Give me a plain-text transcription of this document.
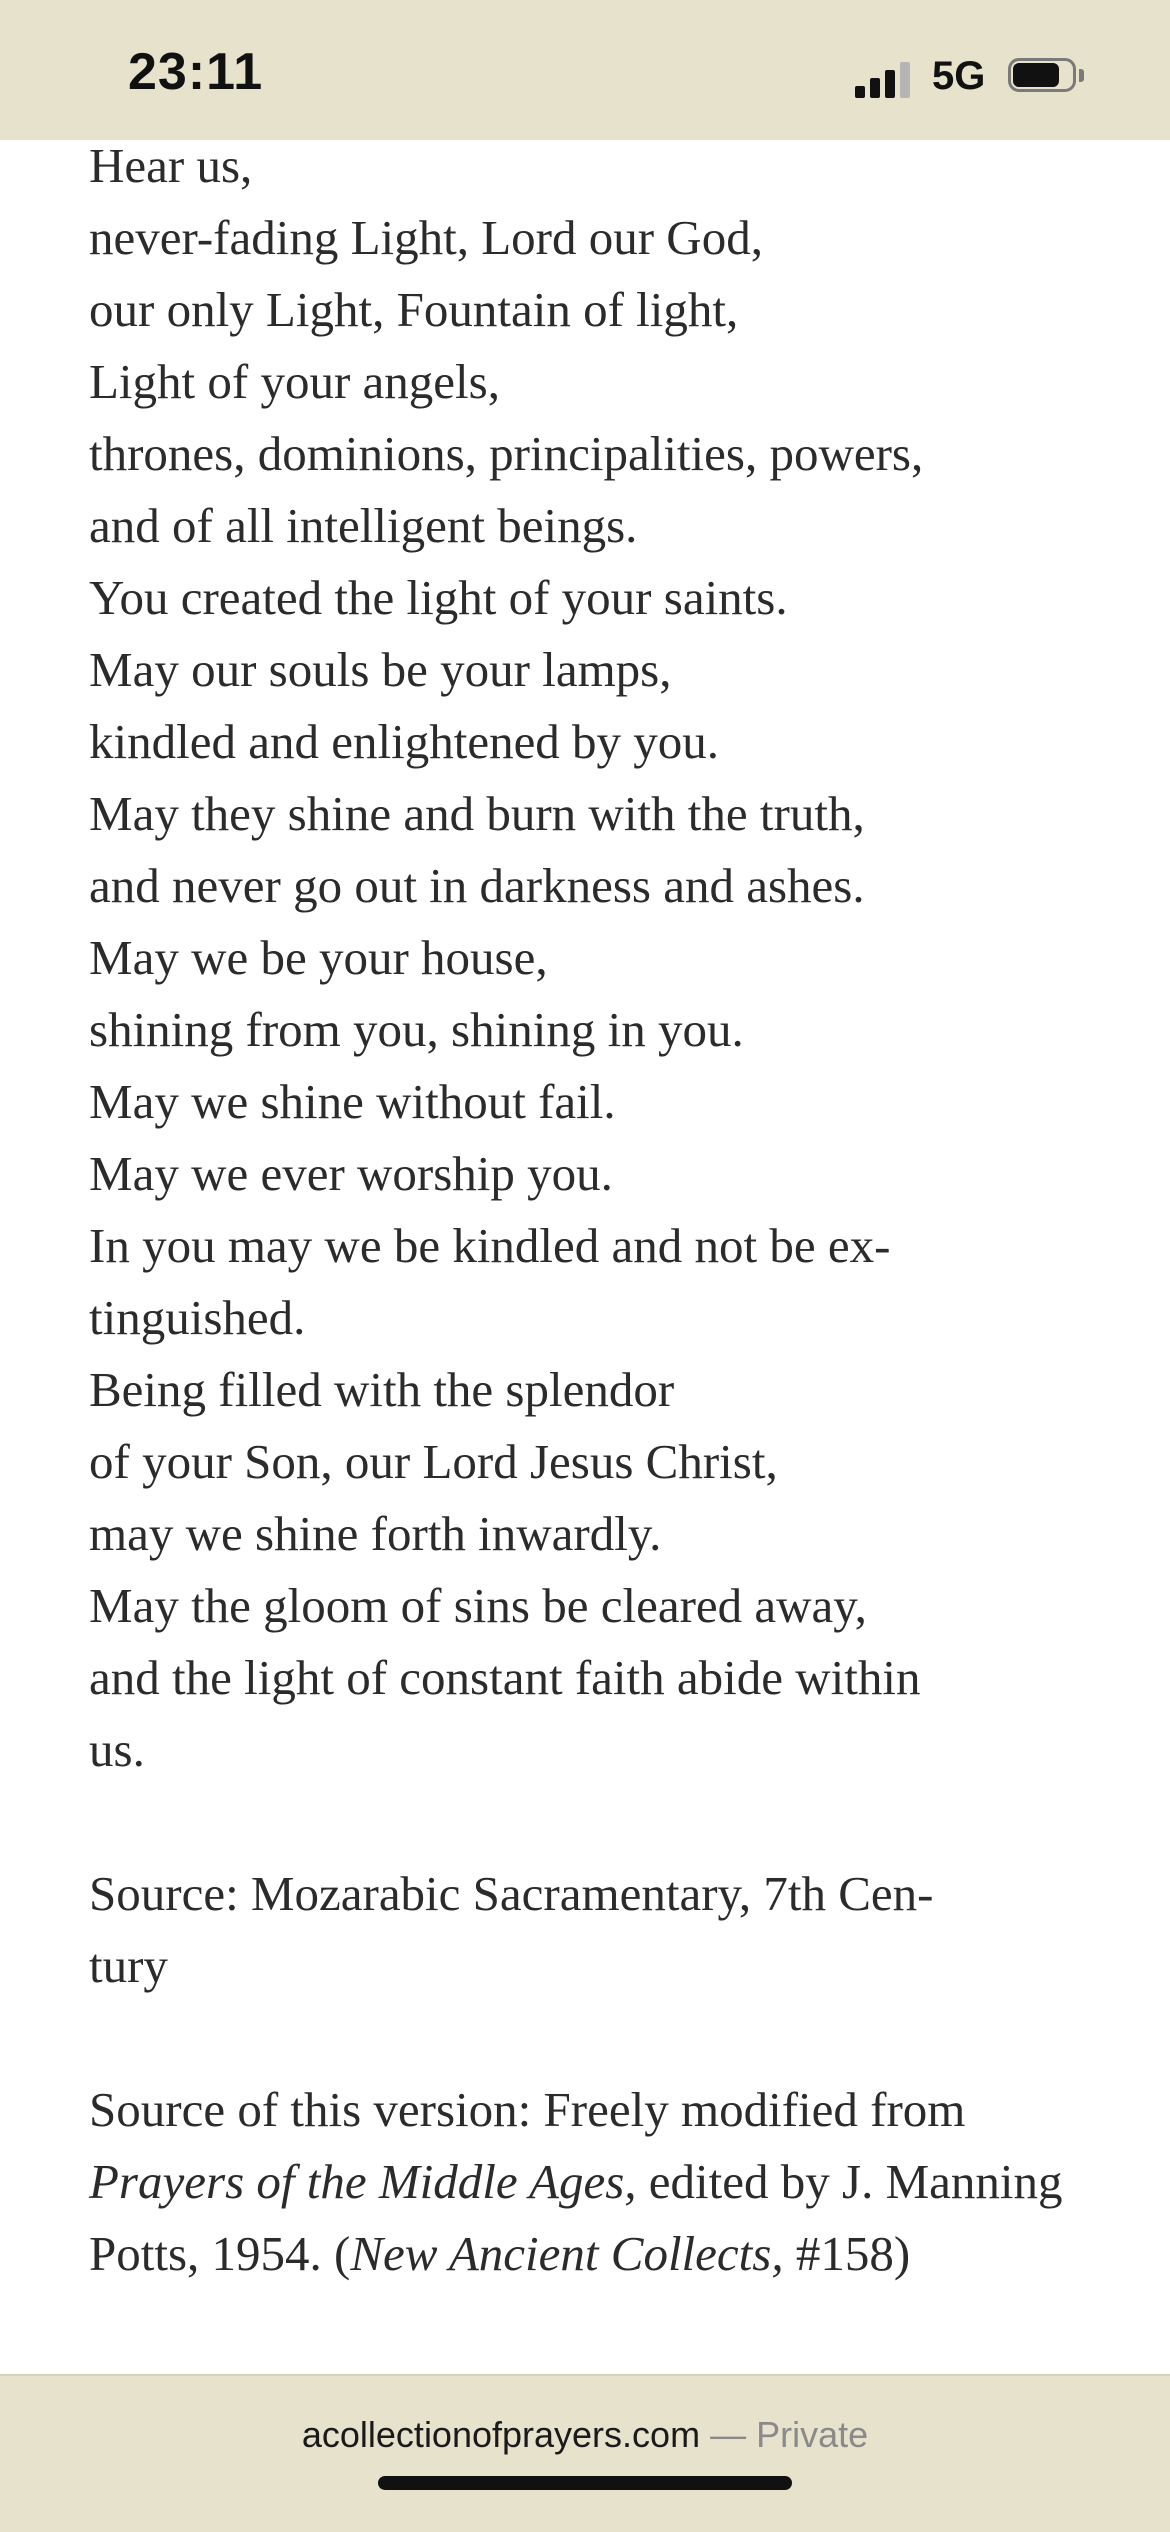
23:11	5G
Hear us,
never-fading Light, Lord our God,
our only Light, Fountain of light,
Light of your angels,
thrones, dominions, principalities, powers,
and of all intelligent beings.
You created the light of your saints.
May our souls be your lamps,
kindled and enlightened by you.
May they shine and burn with the truth,
and never go out in darkness and ashes.
May we be your house,
shining from you, shining in you.
May we shine without fail.
May we ever worship you.
In you may we be kindled and not be ex-
tinguished.
Being filled with the splendor
of your Son, our Lord Jesus Christ,
may we shine forth inwardly.
May the gloom of sins be cleared away,
and the light of constant faith abide within
us.
Source: Mozarabic Sacramentary, 7th Cen-
tury
Source of this version: Freely modified from Prayers of the Middle Ages, edited by J. Manning Potts, 1954. (New Ancient Collects, #158)
acollectionofprayers.com — Private
